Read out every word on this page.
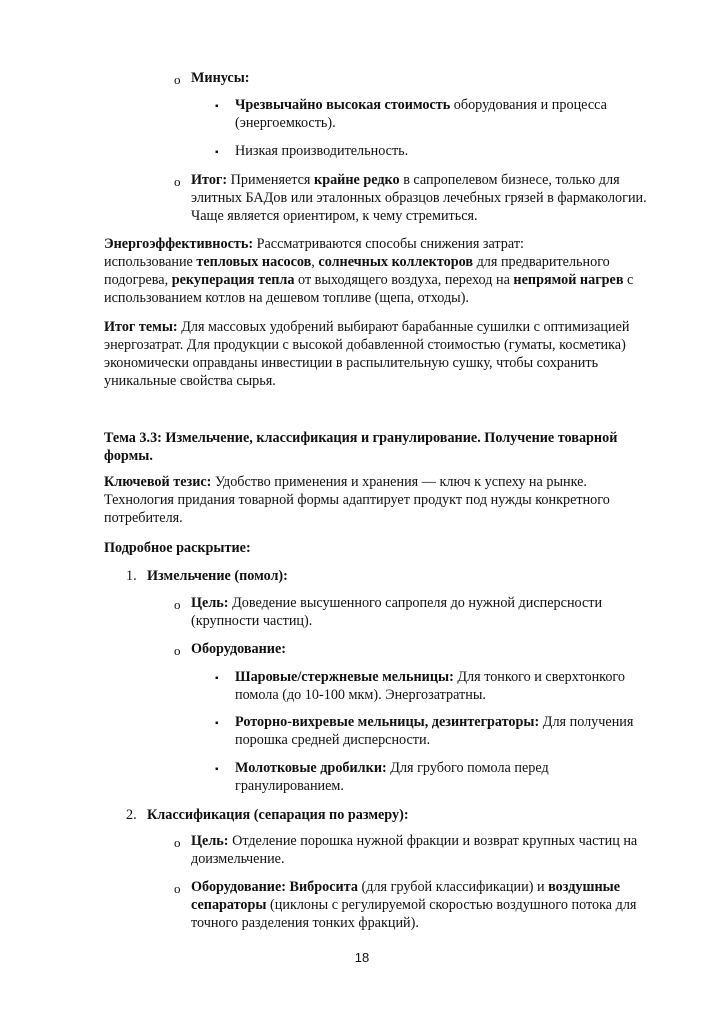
o Минусы:
▪ Чрезвычайно высокая стоимость оборудования и процесса
(энергоемкость).
▪ Низкая производительность.
o Итог: Применяется крайне редко в сапропелевом бизнесе, только для
элитных БАДов или эталонных образцов лечебных грязей в фармакологии.
Чаще является ориентиром, к чему стремиться.
Энергоэффективность: Рассматриваются способы снижения затрат:
использование тепловых насосов, солнечных коллекторов для предварительного
подогрева, рекуперация тепла от выходящего воздуха, переход на непрямой нагрев с
использованием котлов на дешевом топливе (щепа, отходы).
Итог темы: Для массовых удобрений выбирают барабанные сушилки с оптимизацией
энергозатрат. Для продукции с высокой добавленной стоимостью (гуматы, косметика)
экономически оправданы инвестиции в распылительную сушку, чтобы сохранить
уникальные свойства сырья.
Тема 3.3: Измельчение, классификация и гранулирование. Получение товарной
формы.
Ключевой тезис: Удобство применения и хранения — ключ к успеху на рынке.
Технология придания товарной формы адаптирует продукт под нужды конкретного
потребителя.
Подробное раскрытие:
1. Измельчение (помол):
o Цель: Доведение высушенного сапропеля до нужной дисперсности
(крупности частиц).
o Оборудование:
▪ Шаровые/стержневые мельницы: Для тонкого и сверхтонкого
помола (до 10-100 мкм). Энергозатратны.
▪ Роторно-вихревые мельницы, дезинтеграторы: Для получения
порошка средней дисперсности.
▪ Молотковые дробилки: Для грубого помола перед
гранулированием.
2. Классификация (сепарация по размеру):
o Цель: Отделение порошка нужной фракции и возврат крупных частиц на
доизмельчение.
o Оборудование: Вибросита (для грубой классификации) и воздушные
сепараторы (циклоны с регулируемой скоростью воздушного потока для
точного разделения тонких фракций).
18
